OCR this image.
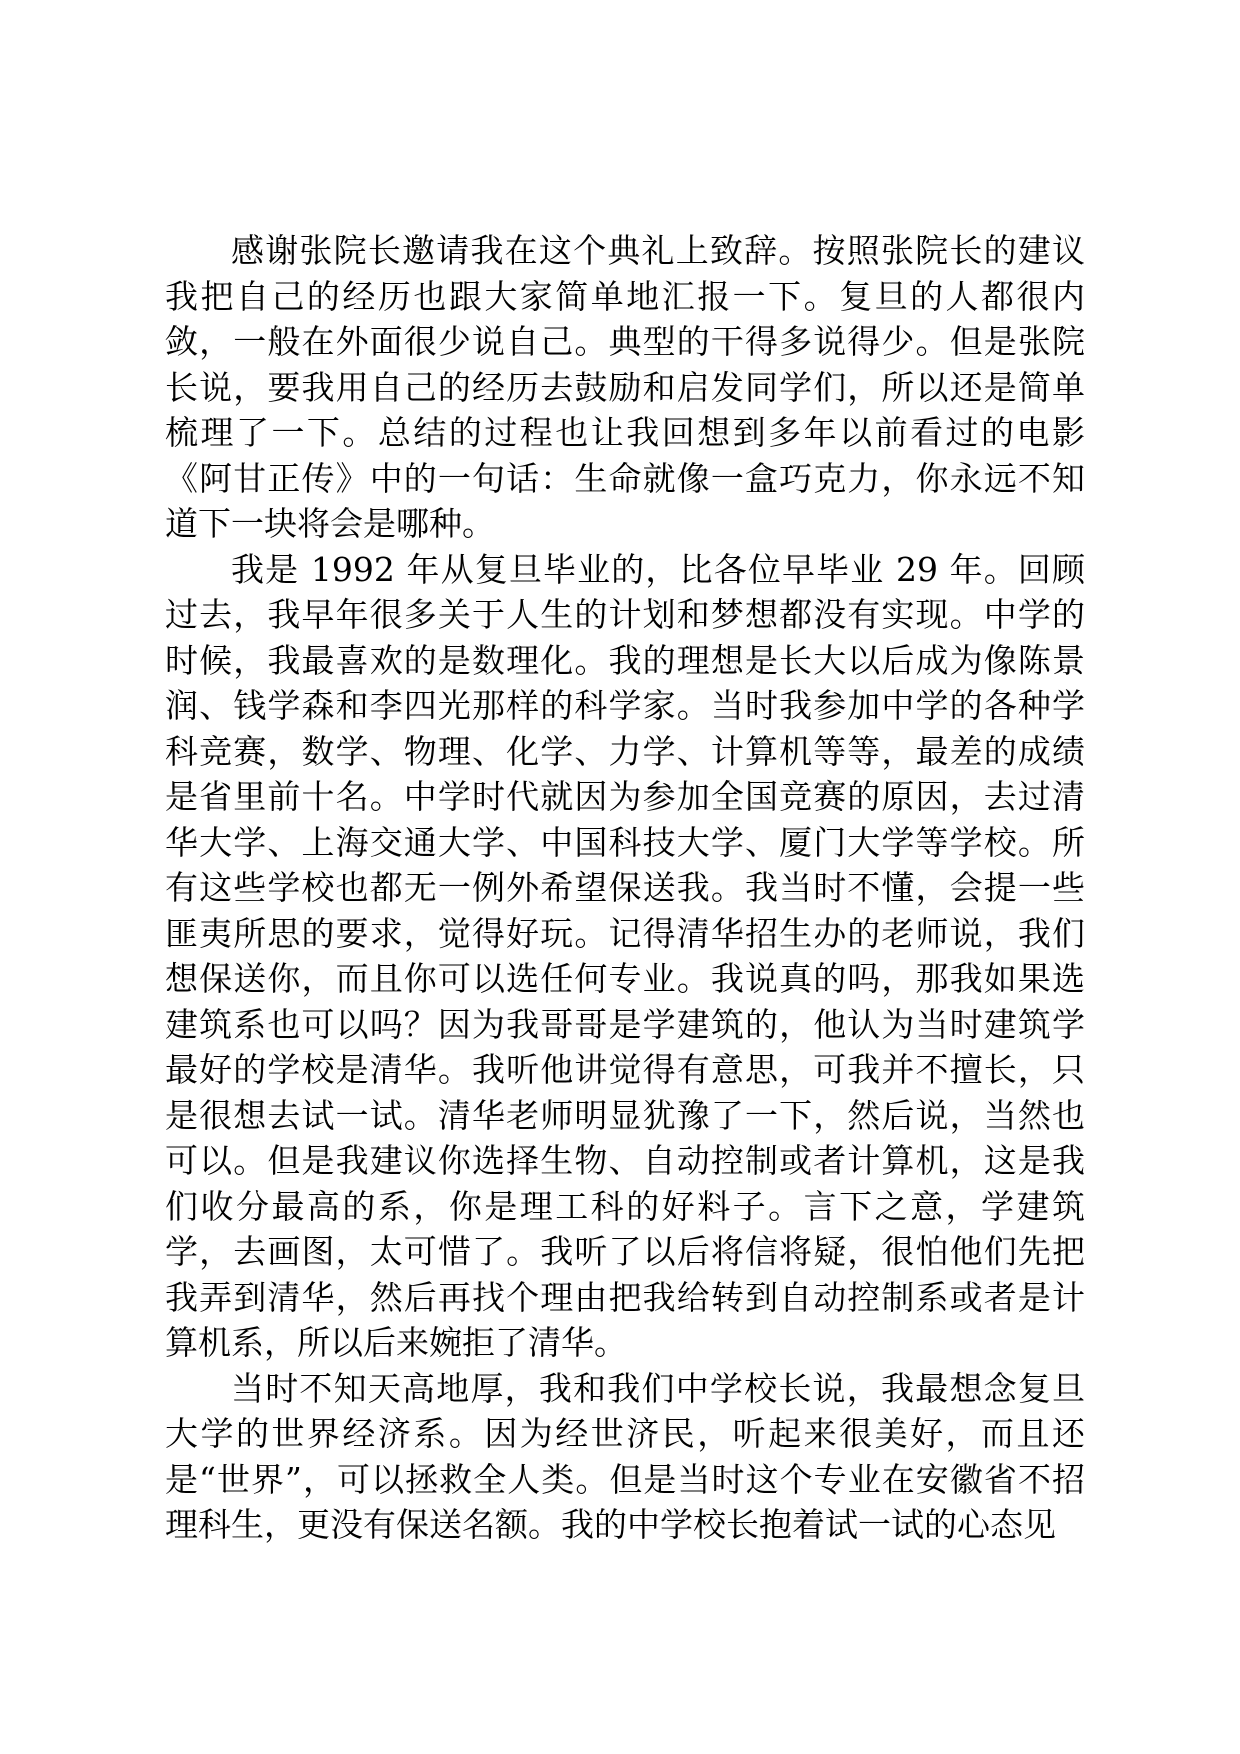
感谢张院长邀请我在这个典礼上致辞。按照张院长的建议我把自己的经历也跟大家简单地汇报一下。复旦的人都很内敛，一般在外面很少说自己。典型的干得多说得少。但是张院长说，要我用自己的经历去鼓励和启发同学们，所以还是简单梳理了一下。总结的过程也让我回想到多年以前看过的电影《阿甘正传》中的一句话：生命就像一盒巧克力，你永远不知道下一块将会是哪种。

我是 1992 年从复旦毕业的，比各位早毕业 29 年。回顾过去，我早年很多关于人生的计划和梦想都没有实现。中学的时候，我最喜欢的是数理化。我的理想是长大以后成为像陈景润、钱学森和李四光那样的科学家。当时我参加中学的各种学科竞赛，数学、物理、化学、力学、计算机等等，最差的成绩是省里前十名。中学时代就因为参加全国竞赛的原因，去过清华大学、上海交通大学、中国科技大学、厦门大学等学校。所有这些学校也都无一例外希望保送我。我当时不懂，会提一些匪夷所思的要求，觉得好玩。记得清华招生办的老师说，我们想保送你，而且你可以选任何专业。我说真的吗，那我如果选建筑系也可以吗？因为我哥哥是学建筑的，他认为当时建筑学最好的学校是清华。我听他讲觉得有意思，可我并不擅长，只是很想去试一试。清华老师明显犹豫了一下，然后说，当然也可以。但是我建议你选择生物、自动控制或者计算机，这是我们收分最高的系，你是理工科的好料子。言下之意，学建筑学，去画图，太可惜了。我听了以后将信将疑，很怕他们先把我弄到清华，然后再找个理由把我给转到自动控制系或者是计算机系，所以后来婉拒了清华。

当时不知天高地厚，我和我们中学校长说，我最想念复旦大学的世界经济系。因为经世济民，听起来很美好，而且还是“世界”，可以拯救全人类。但是当时这个专业在安徽省不招理科生，更没有保送名额。我的中学校长抱着试一试的心态见
